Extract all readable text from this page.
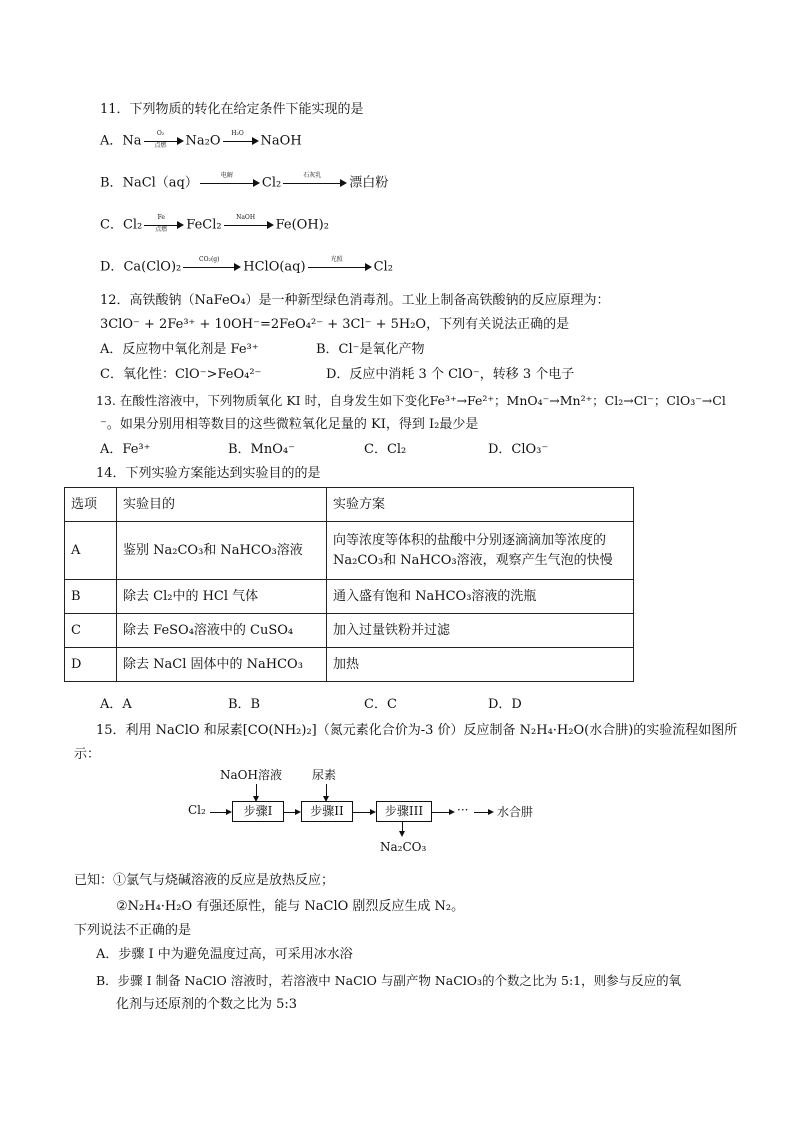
11．下列物质的转化在给定条件下能实现的是
A．Na	O₂
点燃	Na₂O	H₂O	NaOH
B．NaCl（aq）	电解	Cl₂	石灰乳	漂白粉
C．Cl₂	Fe
点燃	FeCl₂	NaOH	Fe(OH)₂
D．Ca(ClO)₂	CO₂(g)	HClO(aq)	光照	Cl₂
12．高铁酸钠（NaFeO₄）是一种新型绿色消毒剂。工业上制备高铁酸钠的反应原理为：
3ClO⁻ + 2Fe³⁺ + 10OH⁻=2FeO₄²⁻ + 3Cl⁻ + 5H₂O，下列有关说法正确的是
A．反应物中氧化剂是 Fe³⁺	B．Cl⁻是氧化产物
C．氧化性：ClO⁻>FeO₄²⁻	D．反应中消耗 3 个 ClO⁻，转移 3 个电子
13. 在酸性溶液中，下列物质氧化 KI 时，自身发生如下变化Fe³⁺→Fe²⁺；MnO₄⁻→Mn²⁺；Cl₂→Cl⁻；ClO₃⁻→Cl
⁻。如果分别用相等数目的这些微粒氧化足量的 KI，得到 I₂最少是
A．Fe³⁺	B．MnO₄⁻	C．Cl₂	D．ClO₃⁻
14．下列实验方案能达到实验目的的是
选项	实验目的	实验方案
A	鉴别 Na₂CO₃和 NaHCO₃溶液	向等浓度等体积的盐酸中分别逐滴滴加等浓度的Na₂CO₃和 NaHCO₃溶液，观察产生气泡的快慢
B	除去 Cl₂中的 HCl 气体	通入盛有饱和 NaHCO₃溶液的洗瓶
C	除去 FeSO₄溶液中的 CuSO₄	加入过量铁粉并过滤
D	除去 NaCl 固体中的 NaHCO₃	加热
A．A	B．B	C．C	D．D
15．利用 NaClO 和尿素[CO(NH₂)₂]（氮元素化合价为-3 价）反应制备 N₂H₄·H₂O(水合肼)的实验流程如图所
示：
NaOH溶液	尿素
Cl₂	步骤I	步骤II	步骤III	··· 水合肼
Na₂CO₃
已知：①氯气与烧碱溶液的反应是放热反应；
②N₂H₄·H₂O 有强还原性，能与 NaClO 剧烈反应生成 N₂。
下列说法不正确的是
A．步骤 I 中为避免温度过高，可采用冰水浴
B．步骤 I 制备 NaClO 溶液时，若溶液中 NaClO 与副产物 NaClO₃的个数之比为 5:1，则参与反应的氧
化剂与还原剂的个数之比为 5:3
